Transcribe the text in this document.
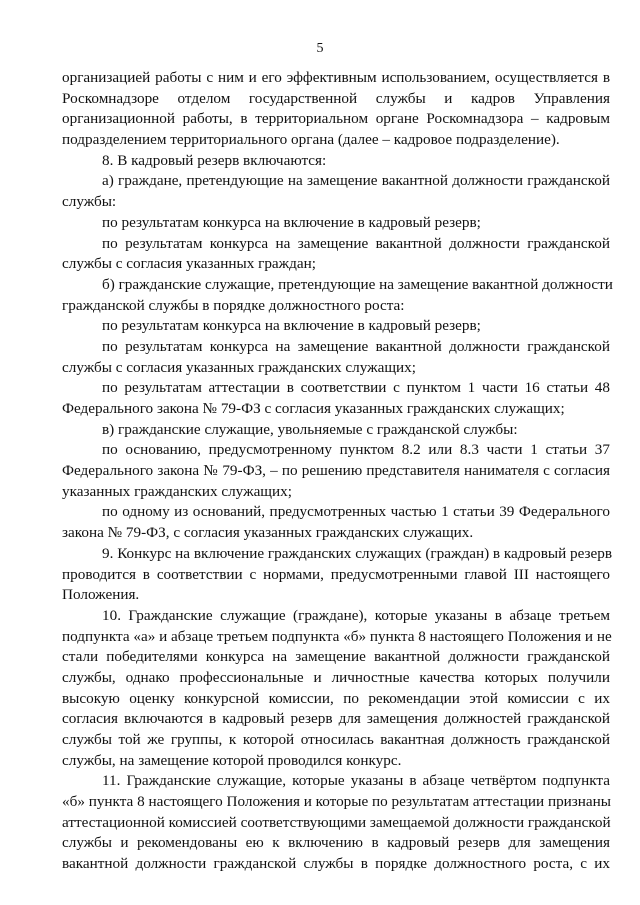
5
организацией работы с ним и его эффективным использованием, осуществляется в
Роскомнадзоре отделом государственной службы и кадров Управления
организационной работы, в территориальном органе Роскомнадзора – кадровым
подразделением территориального органа (далее – кадровое подразделение).
8. В кадровый резерв включаются:
а) граждане, претендующие на замещение вакантной должности гражданской
службы:
по результатам конкурса на включение в кадровый резерв;
по результатам конкурса на замещение вакантной должности гражданской
службы с согласия указанных граждан;
б) гражданские служащие, претендующие на замещение вакантной должности
гражданской службы в порядке должностного роста:
по результатам конкурса на включение в кадровый резерв;
по результатам конкурса на замещение вакантной должности гражданской
службы с согласия указанных гражданских служащих;
по результатам аттестации в соответствии с пунктом 1 части 16 статьи 48
Федерального закона № 79-ФЗ с согласия указанных гражданских служащих;
в) гражданские служащие, увольняемые с гражданской службы:
по основанию, предусмотренному пунктом 8.2 или 8.3 части 1 статьи 37
Федерального закона № 79-ФЗ, – по решению представителя нанимателя с согласия
указанных гражданских служащих;
по одному из оснований, предусмотренных частью 1 статьи 39 Федерального
закона № 79-ФЗ, с согласия указанных гражданских служащих.
9. Конкурс на включение гражданских служащих (граждан) в кадровый резерв
проводится в соответствии с нормами, предусмотренными главой III настоящего
Положения.
10. Гражданские служащие (граждане), которые указаны в абзаце третьем
подпункта «а» и абзаце третьем подпункта «б» пункта 8 настоящего Положения и не
стали победителями конкурса на замещение вакантной должности гражданской
службы, однако профессиональные и личностные качества которых получили
высокую оценку конкурсной комиссии, по рекомендации этой комиссии с их
согласия включаются в кадровый резерв для замещения должностей гражданской
службы той же группы, к которой относилась вакантная должность гражданской
службы, на замещение которой проводился конкурс.
11. Гражданские служащие, которые указаны в абзаце четвёртом подпункта
«б» пункта 8 настоящего Положения и которые по результатам аттестации признаны
аттестационной комиссией соответствующими замещаемой должности гражданской
службы и рекомендованы ею к включению в кадровый резерв для замещения
вакантной должности гражданской службы в порядке должностного роста, с их
